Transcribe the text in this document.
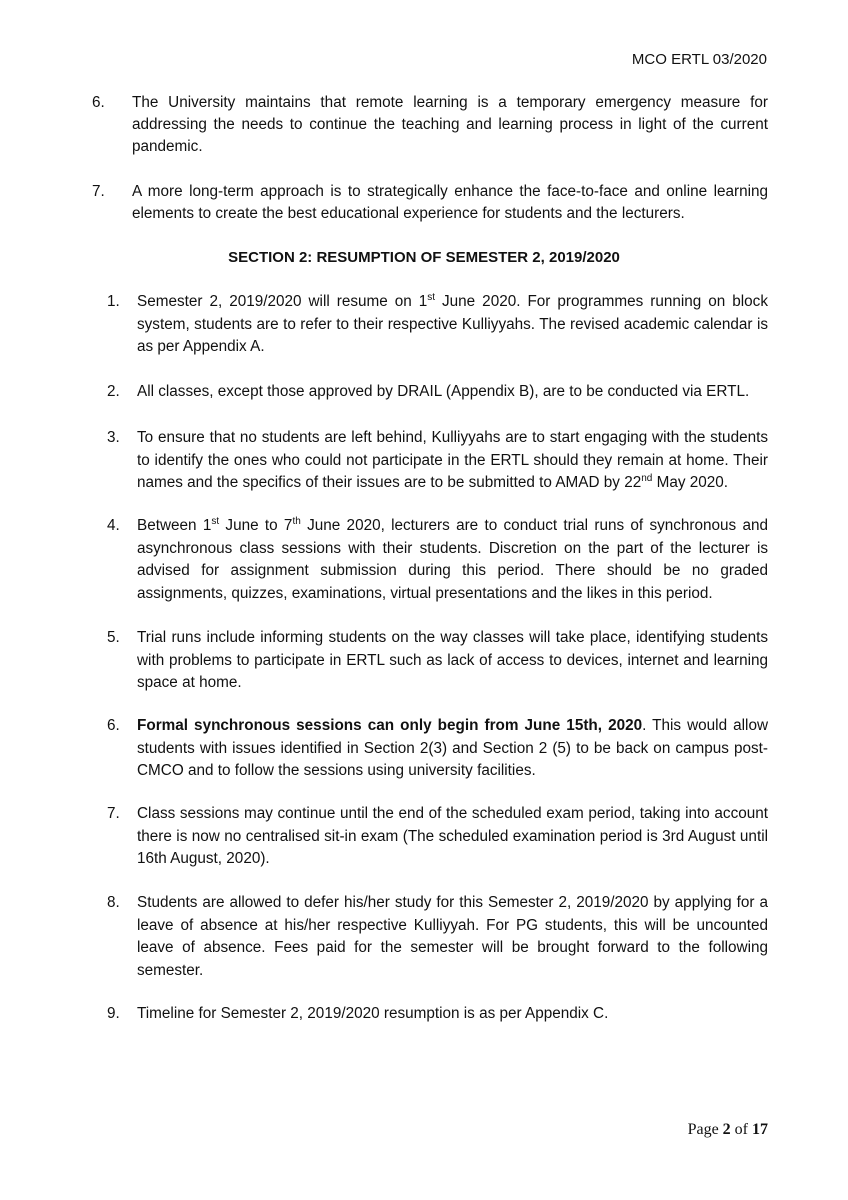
MCO ERTL 03/2020
6. The University maintains that remote learning is a temporary emergency measure for addressing the needs to continue the teaching and learning process in light of the current pandemic.
7. A more long-term approach is to strategically enhance the face-to-face and online learning elements to create the best educational experience for students and the lecturers.
SECTION 2: RESUMPTION OF SEMESTER 2, 2019/2020
1. Semester 2, 2019/2020 will resume on 1st June 2020. For programmes running on block system, students are to refer to their respective Kulliyyahs. The revised academic calendar is as per Appendix A.
2. All classes, except those approved by DRAIL (Appendix B), are to be conducted via ERTL.
3. To ensure that no students are left behind, Kulliyyahs are to start engaging with the students to identify the ones who could not participate in the ERTL should they remain at home. Their names and the specifics of their issues are to be submitted to AMAD by 22nd May 2020.
4. Between 1st June to 7th June 2020, lecturers are to conduct trial runs of synchronous and asynchronous class sessions with their students. Discretion on the part of the lecturer is advised for assignment submission during this period. There should be no graded assignments, quizzes, examinations, virtual presentations and the likes in this period.
5. Trial runs include informing students on the way classes will take place, identifying students with problems to participate in ERTL such as lack of access to devices, internet and learning space at home.
6. Formal synchronous sessions can only begin from June 15th, 2020. This would allow students with issues identified in Section 2(3) and Section 2 (5) to be back on campus post-CMCO and to follow the sessions using university facilities.
7. Class sessions may continue until the end of the scheduled exam period, taking into account there is now no centralised sit-in exam (The scheduled examination period is 3rd August until 16th August, 2020).
8. Students are allowed to defer his/her study for this Semester 2, 2019/2020 by applying for a leave of absence at his/her respective Kulliyyah. For PG students, this will be uncounted leave of absence. Fees paid for the semester will be brought forward to the following semester.
9. Timeline for Semester 2, 2019/2020 resumption is as per Appendix C.
Page 2 of 17
